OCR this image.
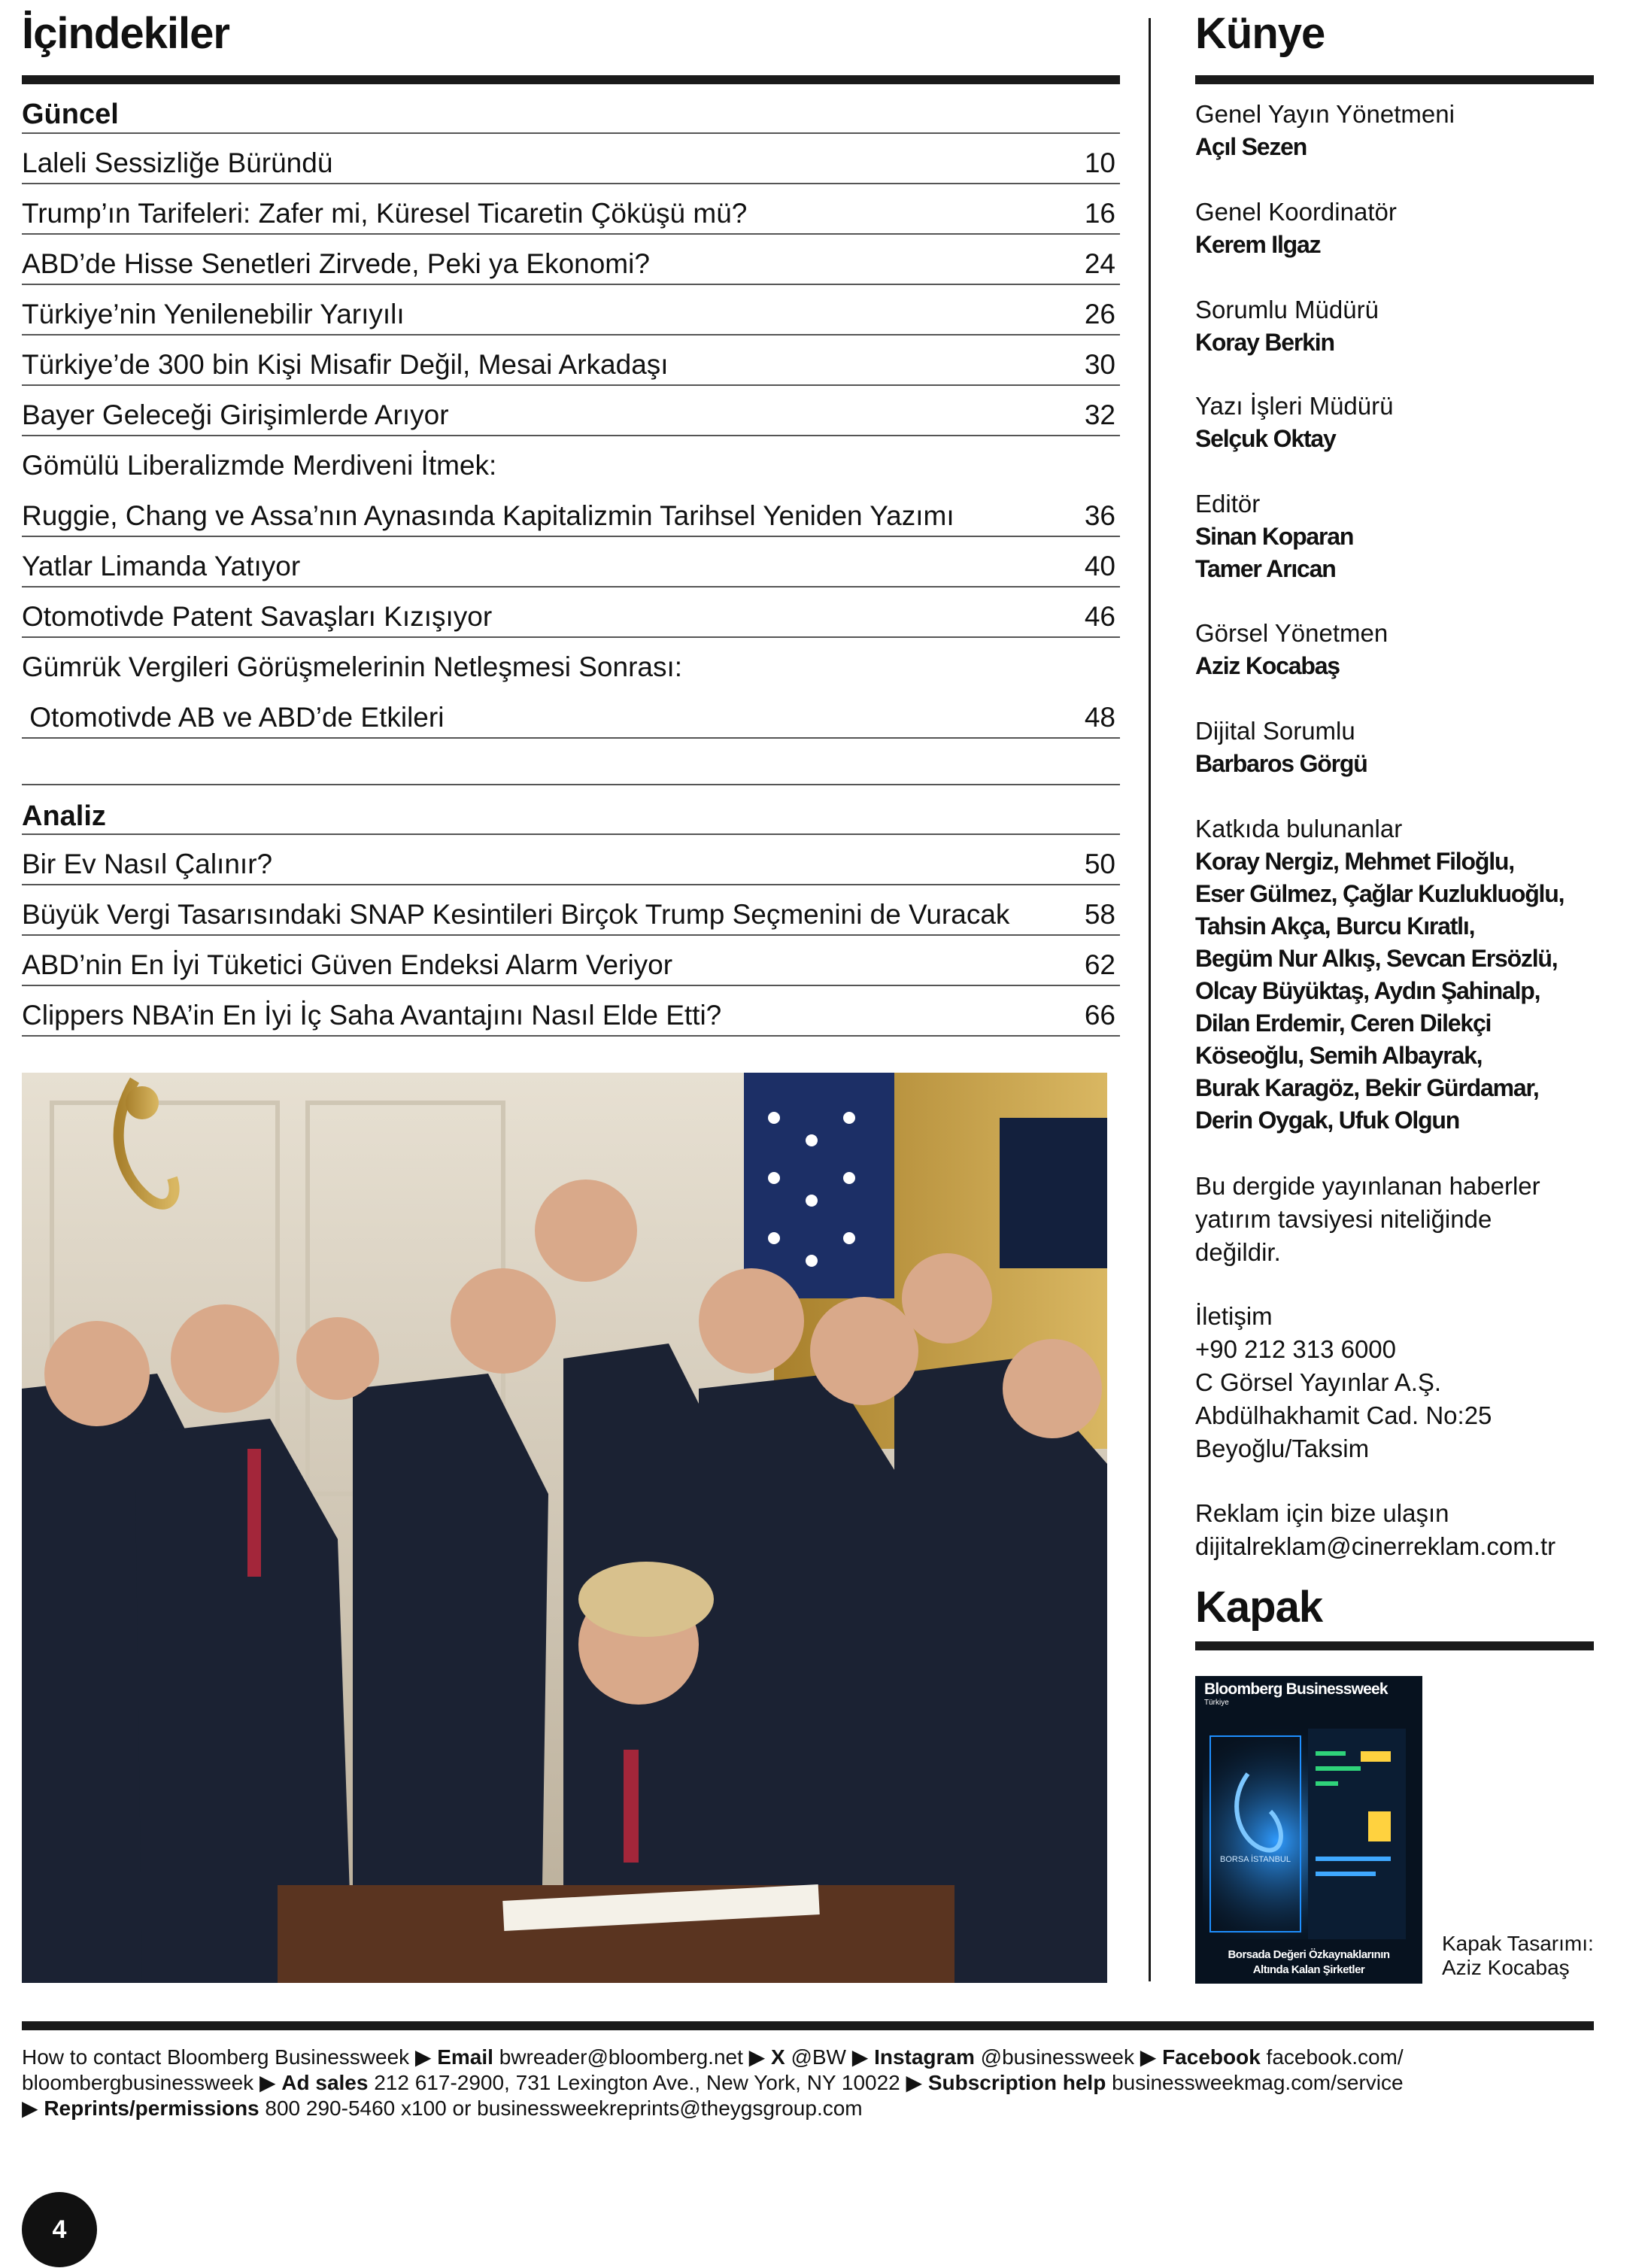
İçindekiler
Güncel
Laleli Sessizliğe Büründü	10
Trump’ın Tarifeleri: Zafer mi, Küresel Ticaretin Çöküşü mü?	16
ABD’de Hisse Senetleri Zirvede, Peki ya Ekonomi?	24
Türkiye’nin Yenilenebilir Yarıyılı	26
Türkiye’de 300 bin Kişi Misafir Değil, Mesai Arkadaşı	30
Bayer Geleceği Girişimlerde Arıyor	32
Gömülü Liberalizmde Merdiveni İtmek:
Ruggie, Chang ve Assa’nın Aynasında Kapitalizmin Tarihsel Yeniden Yazımı	36
Yatlar Limanda Yatıyor	40
Otomotivde Patent Savaşları Kızışıyor	46
Gümrük Vergileri Görüşmelerinin Netleşmesi Sonrası:
Otomotivde AB ve ABD’de Etkileri	48
Analiz
Bir Ev Nasıl Çalınır?	50
Büyük Vergi Tasarısındaki SNAP Kesintileri Birçok Trump Seçmenini de Vuracak	58
ABD’nin En İyi Tüketici Güven Endeksi Alarm Veriyor	62
Clippers NBA’in En İyi İç Saha Avantajını Nasıl Elde Etti?	66
Künye
Genel Yayın Yönetmeni
Açıl Sezen
Genel Koordinatör
Kerem Ilgaz
Sorumlu Müdürü
Koray Berkin
Yazı İşleri Müdürü
Selçuk Oktay
Editör
Sinan Koparan
Tamer Arıcan
Görsel Yönetmen
Aziz Kocabaş
Dijital Sorumlu
Barbaros Görgü
Katkıda bulunanlar
Koray Nergiz, Mehmet Filoğlu,
Eser Gülmez, Çağlar Kuzlukluoğlu,
Tahsin Akça, Burcu Kıratlı,
Begüm Nur Alkış, Sevcan Ersözlü,
Olcay Büyüktaş, Aydın Şahinalp,
Dilan Erdemir, Ceren Dilekçi
Köseoğlu, Semih Albayrak,
Burak Karagöz, Bekir Gürdamar,
Derin Oygak, Ufuk Olgun
Bu dergide yayınlanan haberler
yatırım tavsiyesi niteliğinde
değildir.
İletişim
+90 212 313 6000
C Görsel Yayınlar A.Ş.
Abdülhakhamit Cad. No:25
Beyoğlu/Taksim
Reklam için bize ulaşın
dijitalreklam@cinerreklam.com.tr
Kapak
Kapak Tasarımı:
Aziz Kocabaş
Bloomberg Businessweek
Türkiye
BORSA İSTANBUL
Borsada Değeri Özkaynaklarının
Altında Kalan Şirketler
How to contact Bloomberg Businessweek ▶ Email bwreader@bloomberg.net ▶ X @BW ▶ Instagram @businessweek ▶ Facebook facebook.com/
bloombergbusinessweek ▶ Ad sales 212 617-2900, 731 Lexington Ave., New York, NY 10022 ▶ Subscription help businessweekmag.com/service
▶ Reprints/permissions 800 290-5460 x100 or businessweekreprints@theygsgroup.com
4
